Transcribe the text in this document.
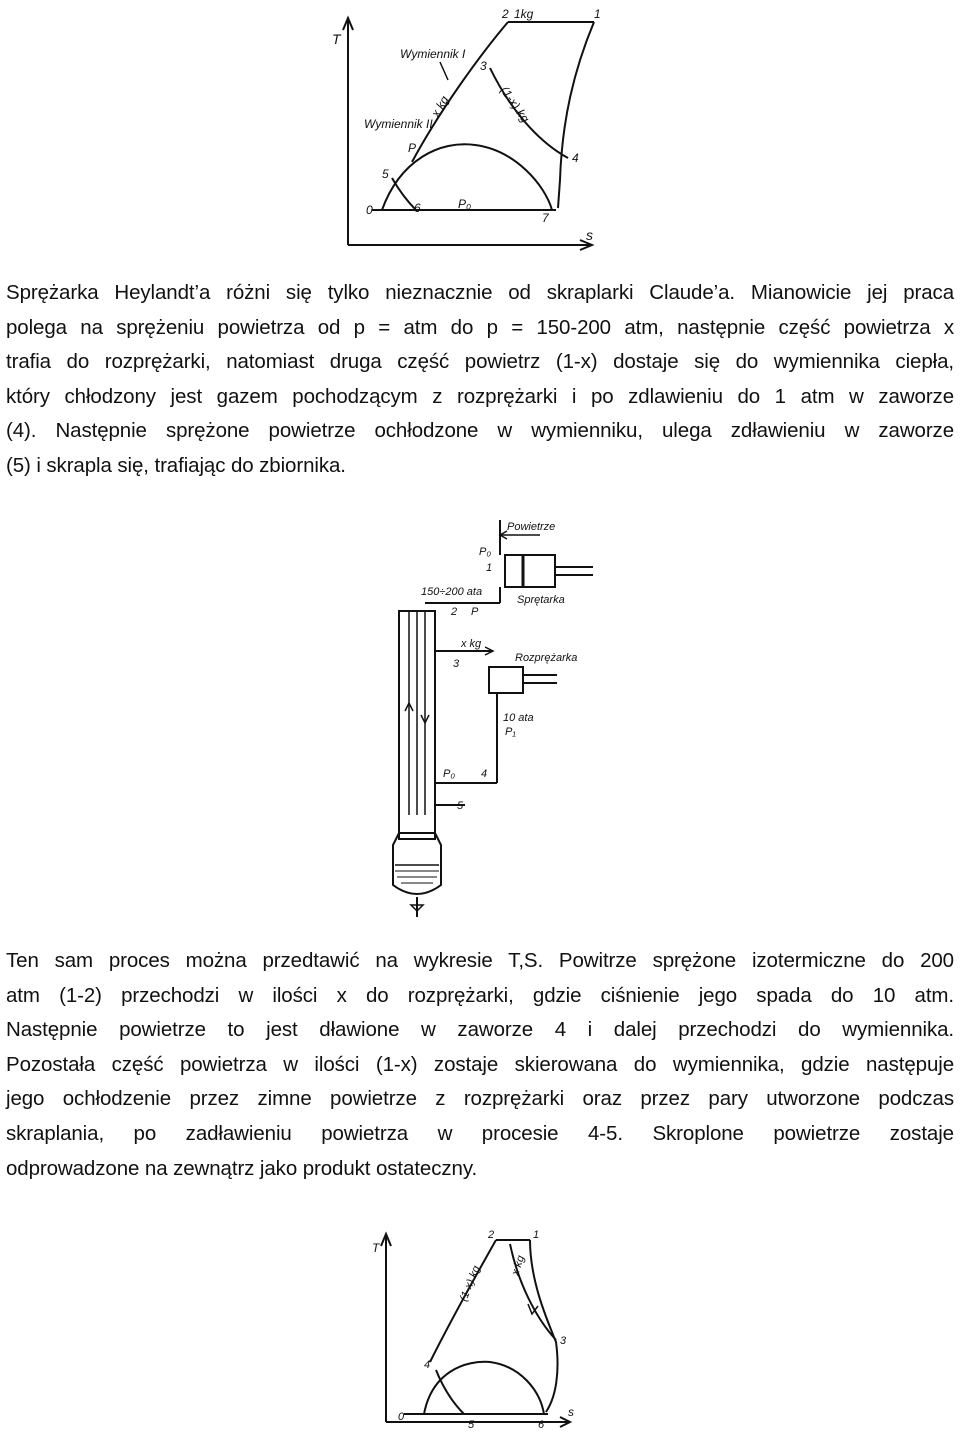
T
s
Wymiennik I
Wymiennik II
1kg
x kg	(1-x) kg
P
P₀
0
1
2
3
4
5
6
7
Sprężarka Heylandt’a różni się tylko nieznacznie od skraplarki Claude’a. Mianowicie jej praca
polega na sprężeniu powietrza od p = atm do p = 150-200 atm, następnie część powietrza x
trafia do rozprężarki, natomiast druga część powietrz (1-x) dostaje się do wymiennika ciepła,
który chłodzony jest gazem pochodzącym z rozprężarki i po zdlawieniu do 1 atm w zaworze
(4). Następnie sprężone powietrze ochłodzone w wymienniku, ulega zdławieniu w zaworze
(5) i skrapla się, trafiając do zbiornika.
Powietrze
P₀
1
150÷200 ata
2 P
Sprętarka
x kg
3	Rozprężarka
10 ata
P₁
P₀ 4
5
Ten sam proces można przedtawić na wykresie T,S. Powitrze sprężone izotermiczne do 200
atm (1-2) przechodzi w ilości x do rozprężarki, gdzie ciśnienie jego spada do 10 atm.
Następnie powietrze to jest dławione w zaworze 4 i dalej przechodzi do wymiennika.
Pozostała część powietrza w ilości (1-x) zostaje skierowana do wymiennika, gdzie następuje
jego ochłodzenie przez zimne powietrze z rozprężarki oraz przez pary utworzone podczas
skraplania, po zadławieniu powietrza w procesie 4-5. Skroplone powietrze zostaje
odprowadzone na zewnątrz jako produkt ostateczny.
T
s
(1-x) kg x kg
0
1
2
3
4
5	6
